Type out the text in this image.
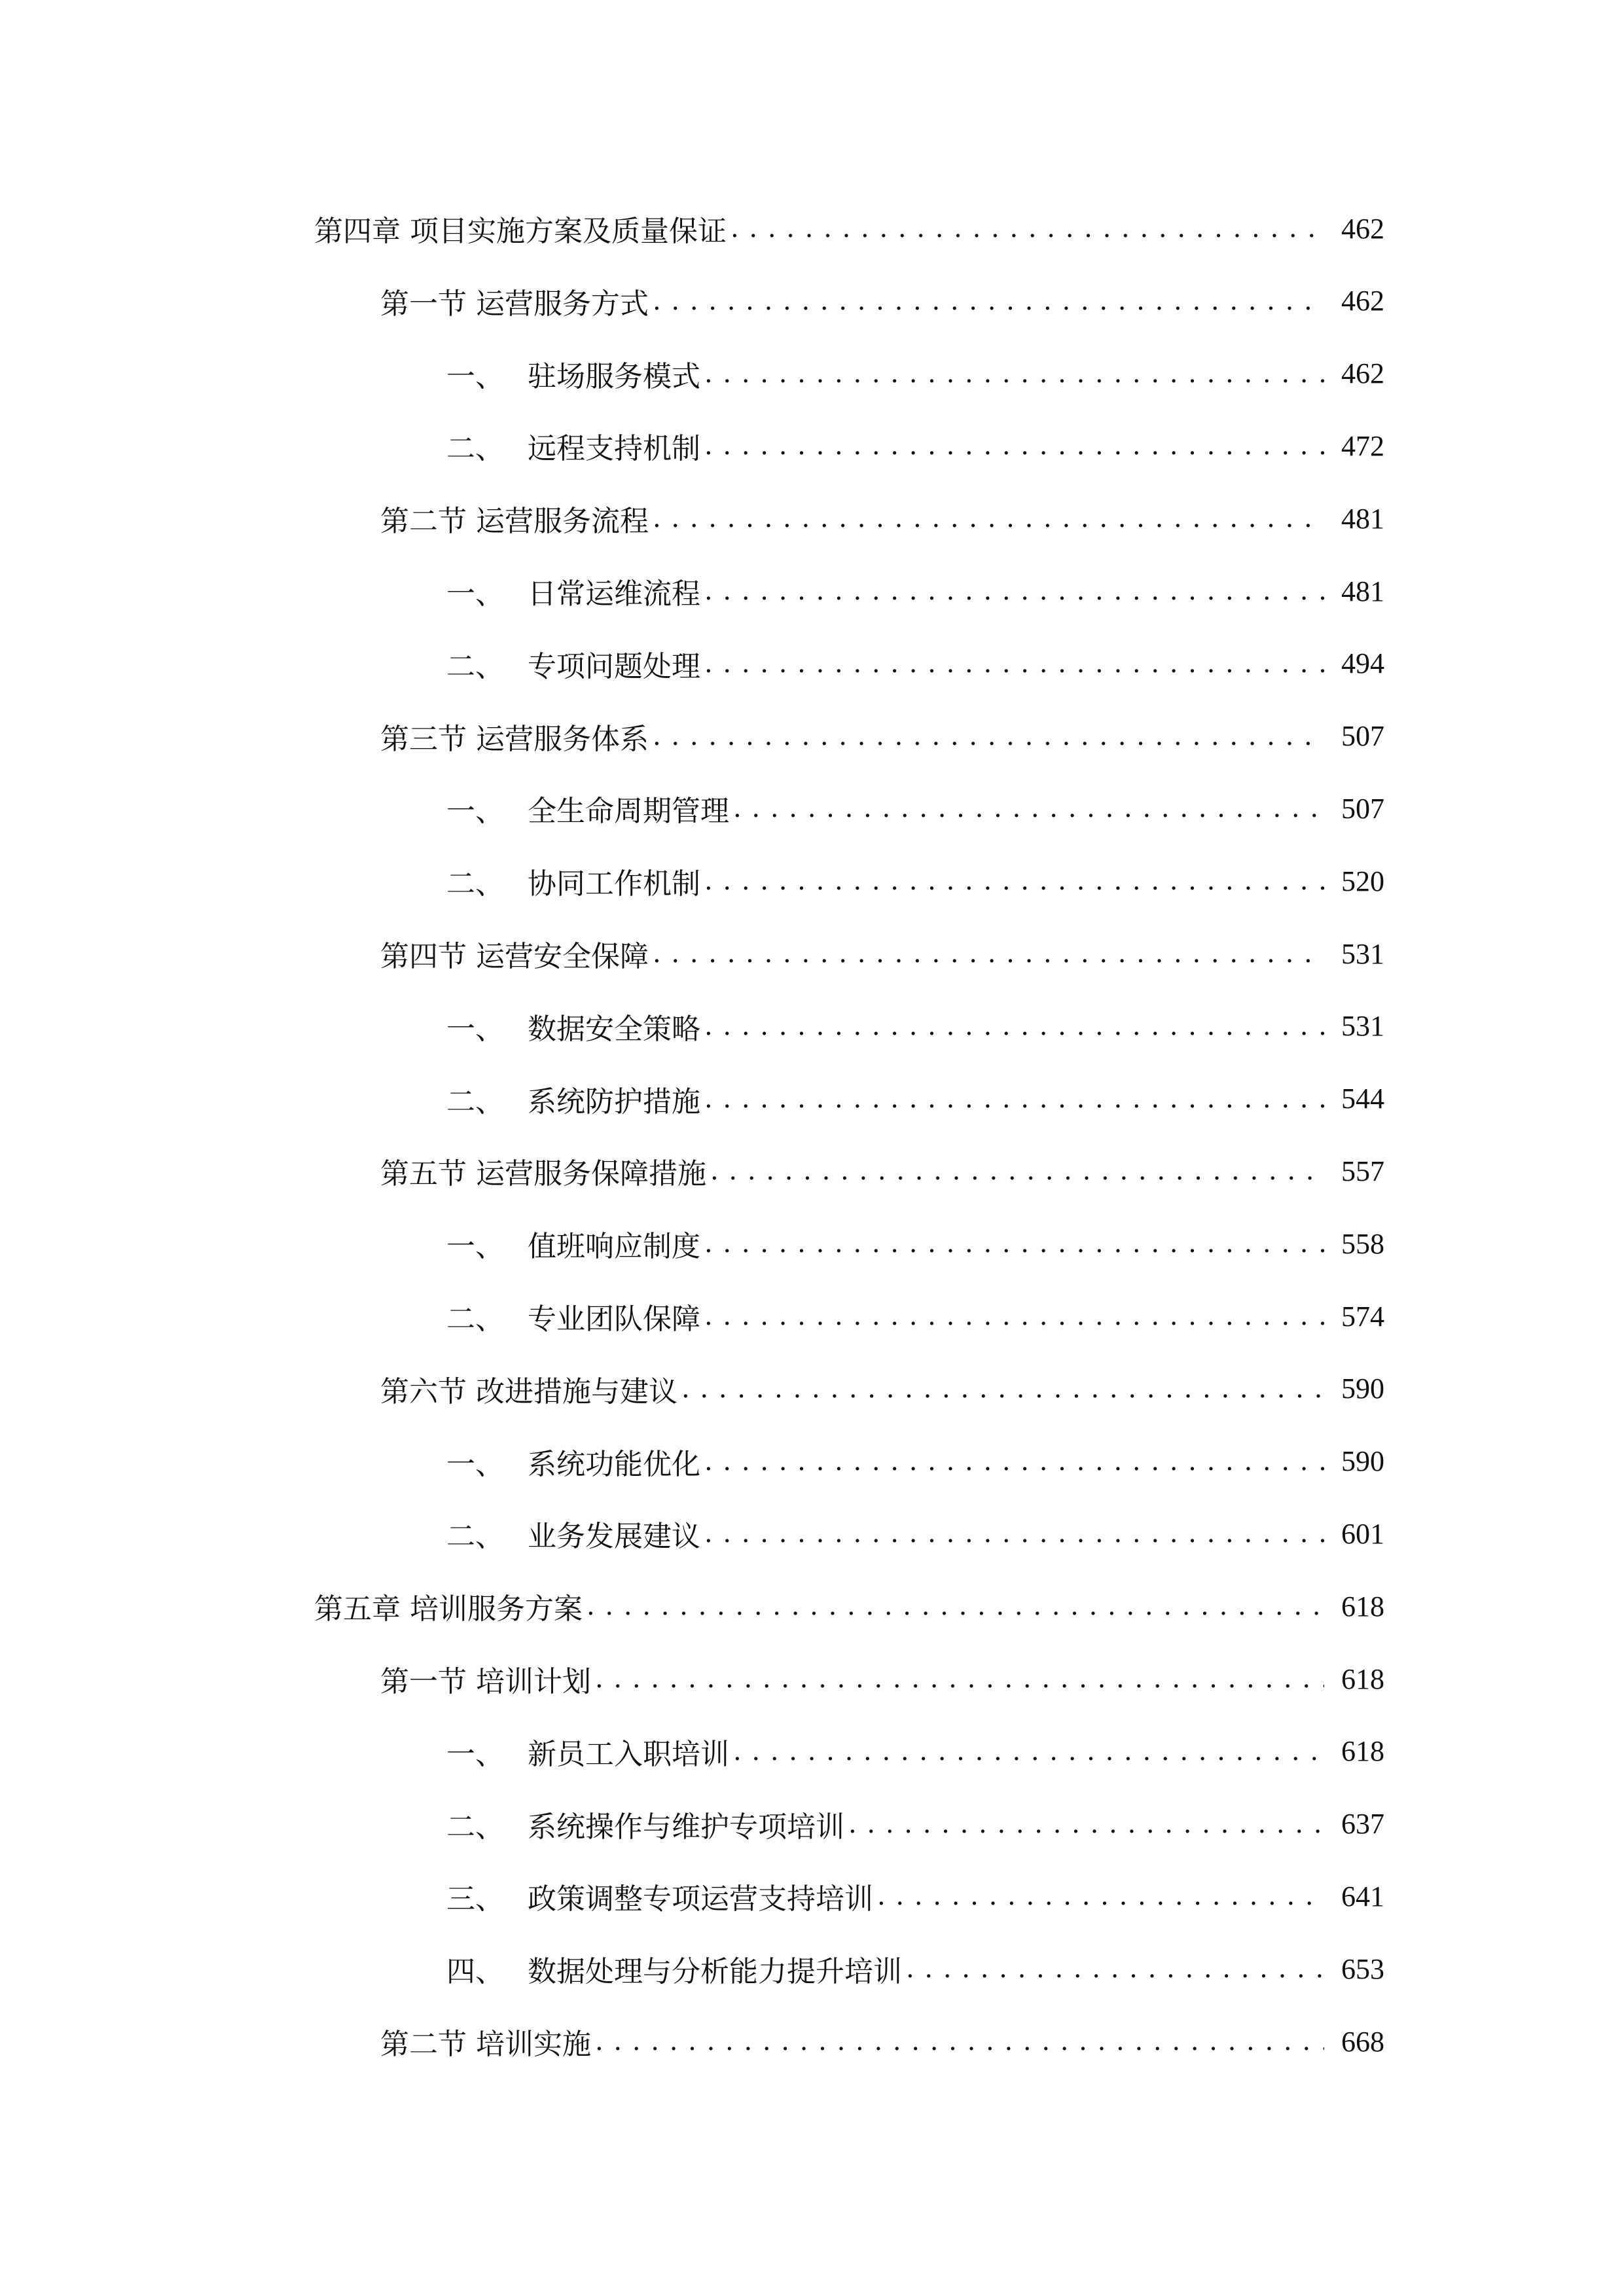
第四章 项目实施方案及质量保证 . . .	462
第一节 运营服务方式 . . .	462
一、 驻场服务模式 . . .	462
二、 远程支持机制 . . .	472
第二节 运营服务流程 . . .	481
一、 日常运维流程 . . .	481
二、 专项问题处理 . . .	494
第三节 运营服务体系 . . .	507
一、 全生命周期管理 . . .	507
二、 协同工作机制 . . .	520
第四节 运营安全保障 . . .	531
一、 数据安全策略 . . .	531
二、 系统防护措施 . . .	544
第五节 运营服务保障措施 . . .	557
一、 值班响应制度 . . .	558
二、 专业团队保障 . . .	574
第六节 改进措施与建议 . . .	590
一、 系统功能优化 . . .	590
二、 业务发展建议 . . .	601
第五章 培训服务方案 . . .	618
第一节 培训计划 . . .	618
一、 新员工入职培训 . . .	618
二、 系统操作与维护专项培训 . . .	637
三、 政策调整专项运营支持培训 . . .	641
四、 数据处理与分析能力提升培训 . . .	653
第二节 培训实施 . . .	668
